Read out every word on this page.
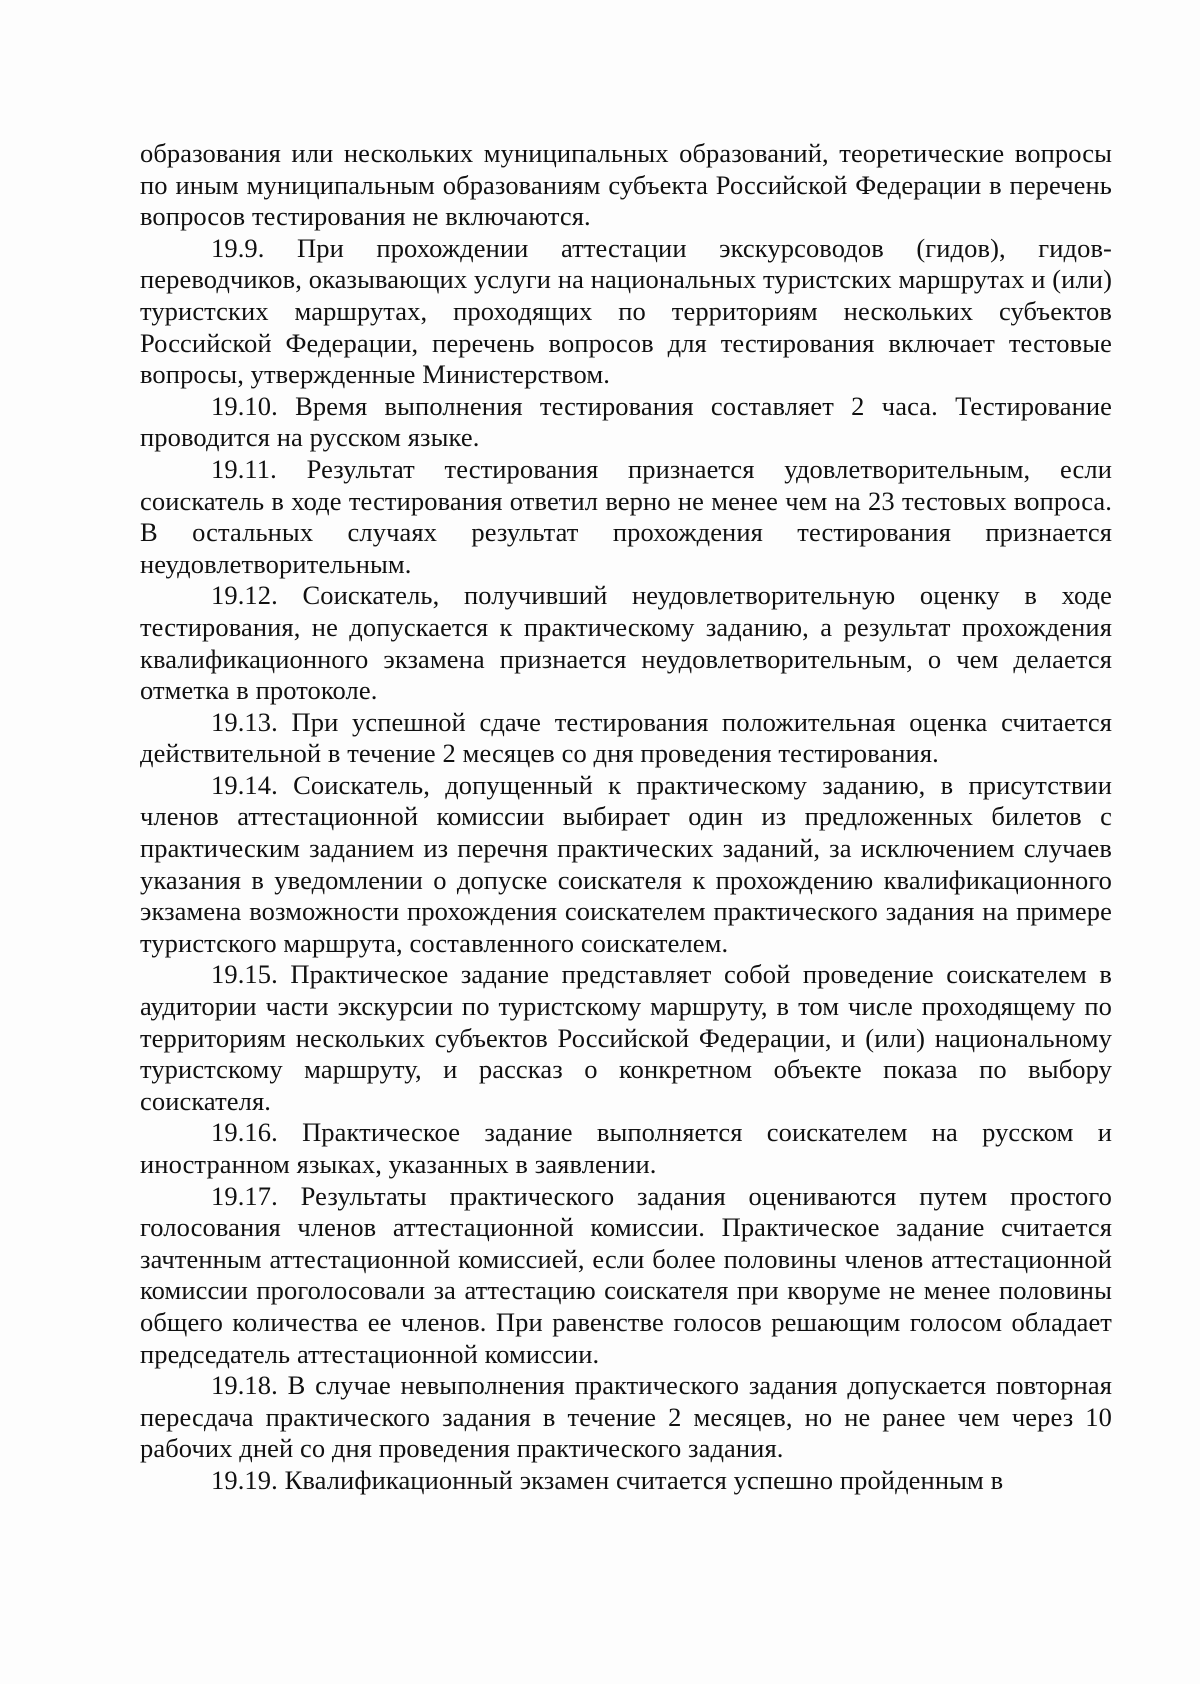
образования или нескольких муниципальных образований, теоретические вопросы по иным муниципальным образованиям субъекта Российской Федерации в перечень вопросов тестирования не включаются.

19.9. При прохождении аттестации экскурсоводов (гидов), гидов-переводчиков, оказывающих услуги на национальных туристских маршрутах и (или) туристских маршрутах, проходящих по территориям нескольких субъектов Российской Федерации, перечень вопросов для тестирования включает тестовые вопросы, утвержденные Министерством.

19.10. Время выполнения тестирования составляет 2 часа. Тестирование проводится на русском языке.

19.11. Результат тестирования признается удовлетворительным, если соискатель в ходе тестирования ответил верно не менее чем на 23 тестовых вопроса. В остальных случаях результат прохождения тестирования признается неудовлетворительным.

19.12. Соискатель, получивший неудовлетворительную оценку в ходе тестирования, не допускается к практическому заданию, а результат прохождения квалификационного экзамена признается неудовлетворительным, о чем делается отметка в протоколе.

19.13. При успешной сдаче тестирования положительная оценка считается действительной в течение 2 месяцев со дня проведения тестирования.

19.14. Соискатель, допущенный к практическому заданию, в присутствии членов аттестационной комиссии выбирает один из предложенных билетов с практическим заданием из перечня практических заданий, за исключением случаев указания в уведомлении о допуске соискателя к прохождению квалификационного экзамена возможности прохождения соискателем практического задания на примере туристского маршрута, составленного соискателем.

19.15. Практическое задание представляет собой проведение соискателем в аудитории части экскурсии по туристскому маршруту, в том числе проходящему по территориям нескольких субъектов Российской Федерации, и (или) национальному туристскому маршруту, и рассказ о конкретном объекте показа по выбору соискателя.

19.16. Практическое задание выполняется соискателем на русском и иностранном языках, указанных в заявлении.

19.17. Результаты практического задания оцениваются путем простого голосования членов аттестационной комиссии. Практическое задание считается зачтенным аттестационной комиссией, если более половины членов аттестационной комиссии проголосовали за аттестацию соискателя при кворуме не менее половины общего количества ее членов. При равенстве голосов решающим голосом обладает председатель аттестационной комиссии.

19.18. В случае невыполнения практического задания допускается повторная пересдача практического задания в течение 2 месяцев, но не ранее чем через 10 рабочих дней со дня проведения практического задания.

19.19. Квалификационный экзамен считается успешно пройденным в
